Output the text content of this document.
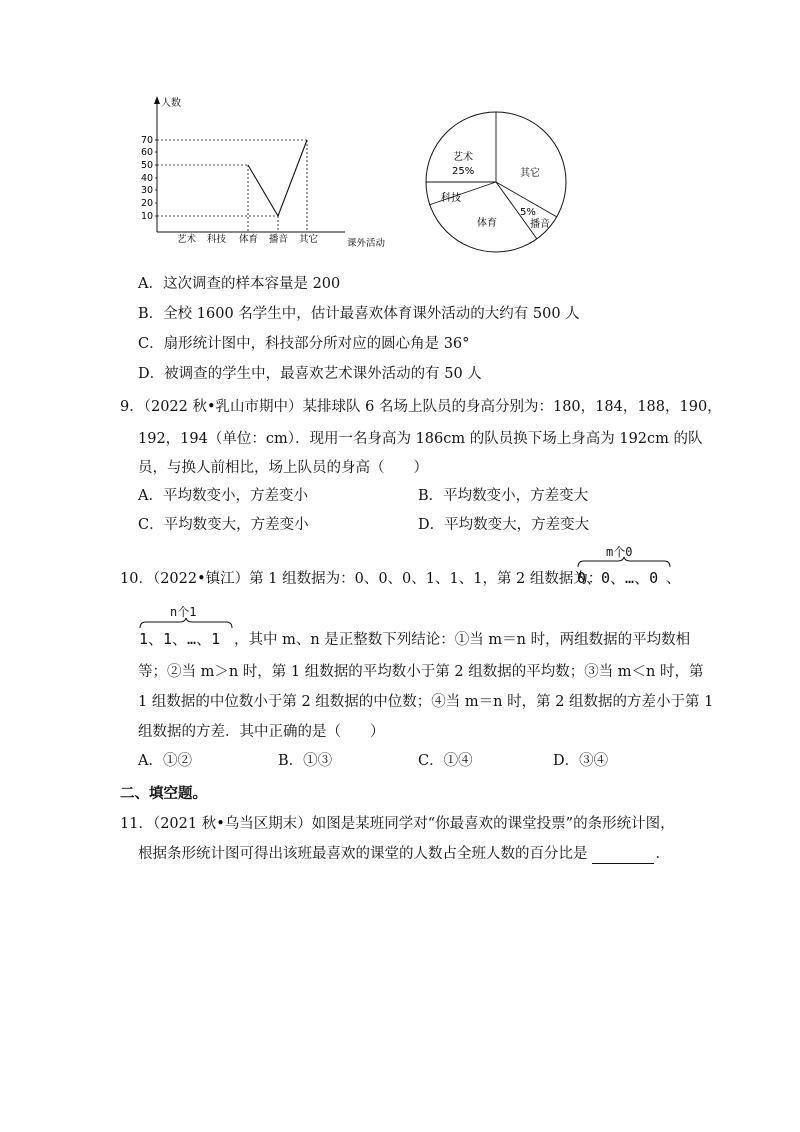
人数
课外活动
70
60
50
40
30
20
10
艺术 科技 体育 播音 其它
艺术
25%	其它
科技
体育
5%
播音
A．这次调查的样本容量是 200
B．全校 1600 名学生中，估计最喜欢体育课外活动的大约有 500 人
C．扇形统计图中，科技部分所对应的圆心角是 36°
D．被调查的学生中，最喜欢艺术课外活动的有 50 人
9．（2022 秋•乳山市期中）某排球队 6 名场上队员的身高分别为：180，184，188，190，
192，194（单位：cm）．现用一名身高为 186cm 的队员换下场上身高为 192cm 的队
员，与换人前相比，场上队员的身高（　　）
A．平均数变小，方差变小	B．平均数变小，方差变大
C．平均数变大，方差变小	D．平均数变大，方差变大
10．（2022•镇江）第 1 组数据为：0、0、0、1、1、1，第 2 组数据为：
m个0
0、0、…、0 、
n个1
1、1、…、1 ，其中 m、n 是正整数下列结论：①当 m＝n 时，两组数据的平均数相
等；②当 m＞n 时，第 1 组数据的平均数小于第 2 组数据的平均数；③当 m＜n 时，第
1 组数据的中位数小于第 2 组数据的中位数；④当 m＝n 时，第 2 组数据的方差小于第 1
组数据的方差．其中正确的是（　　）
A．①②	B．①③	C．①④	D．③④
二、填空题。
11．（2021 秋•乌当区期末）如图是某班同学对“你最喜欢的课堂投票”的条形统计图，
根据条形统计图可得出该班最喜欢的课堂的人数占全班人数的百分比是	．
